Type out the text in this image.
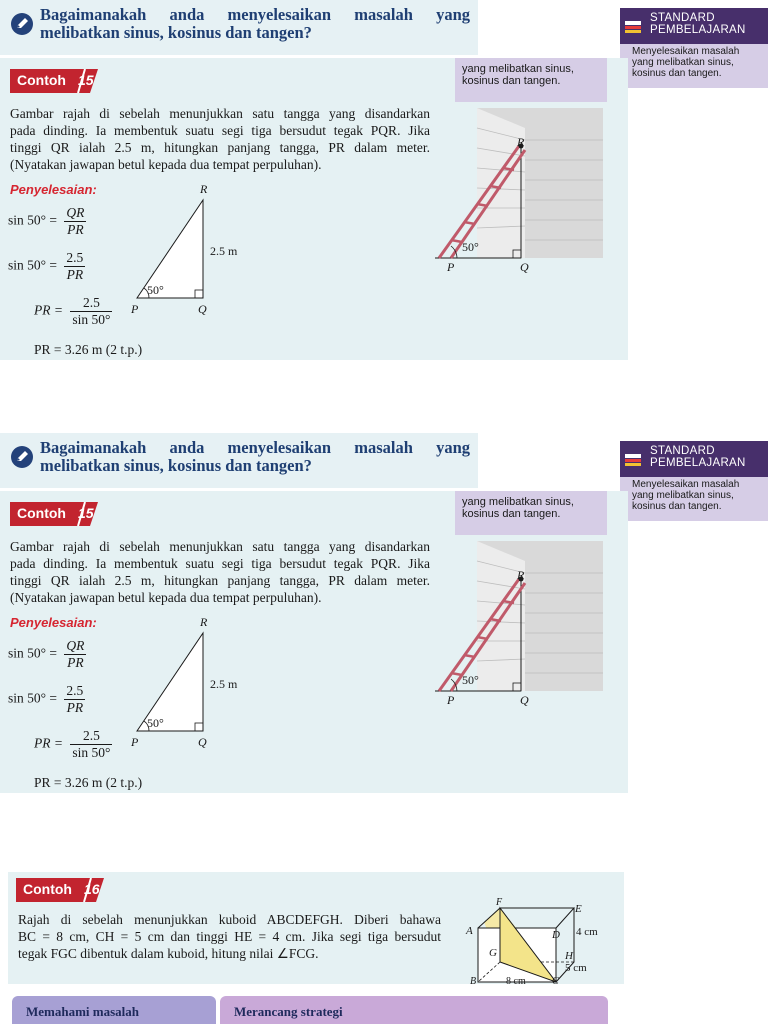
Bagaimanakah anda menyelesaikan masalah yang
melibatkan sinus, kosinus dan tangen?
STANDARD
PEMBELAJARAN
Menyelesaikan masalah
yang melibatkan sinus,
kosinus dan tangen.
yang melibatkan sinus,
kosinus dan tangen.
Contoh 15
Gambar rajah di sebelah menunjukkan satu tangga yang disandarkan
pada dinding. Ia membentuk suatu segi tiga bersudut tegak PQR. Jika
tinggi QR ialah 2.5 m, hitungkan panjang tangga, PR dalam meter.
(Nyatakan jawapan betul kepada dua tempat perpuluhan).
Penyelesaian:
$\sin 50^\circ = \frac{QR}{PR}$
$\sin 50^\circ = \frac{2.5}{PR}$
PR = $\frac{2.5}{\sin 50^\circ}$
PR = 3.26 m (2 t.p.)
R
P	Q
2.5 m
50°
R
P	Q
50°
Bagaimanakah anda menyelesaikan masalah yang
melibatkan sinus, kosinus dan tangen?
STANDARD
PEMBELAJARAN
Menyelesaikan masalah
yang melibatkan sinus,
kosinus dan tangen.
yang melibatkan sinus,
kosinus dan tangen.
Contoh 15
Gambar rajah di sebelah menunjukkan satu tangga yang disandarkan
pada dinding. Ia membentuk suatu segi tiga bersudut tegak PQR. Jika
tinggi QR ialah 2.5 m, hitungkan panjang tangga, PR dalam meter.
(Nyatakan jawapan betul kepada dua tempat perpuluhan).
Penyelesaian:
$\sin 50^\circ = \frac{QR}{PR}$
$\sin 50^\circ = \frac{2.5}{PR}$
PR = $\frac{2.5}{\sin 50^\circ}$
PR = 3.26 m (2 t.p.)
R
P	Q
2.5 m
50°
R
P	Q
50°
Contoh 16
Rajah di sebelah menunjukkan kuboid ABCDEFGH. Diberi bahawa
BC = 8 cm, CH = 5 cm dan tinggi HE = 4 cm. Jika segi tiga bersudut
tegak FGC dibentuk dalam kuboid, hitung nilai ∠FCG.
F
E
A	D
G	H
B	C
4 cm
5 cm
8 cm
Memahami masalah	Merancang strategi
